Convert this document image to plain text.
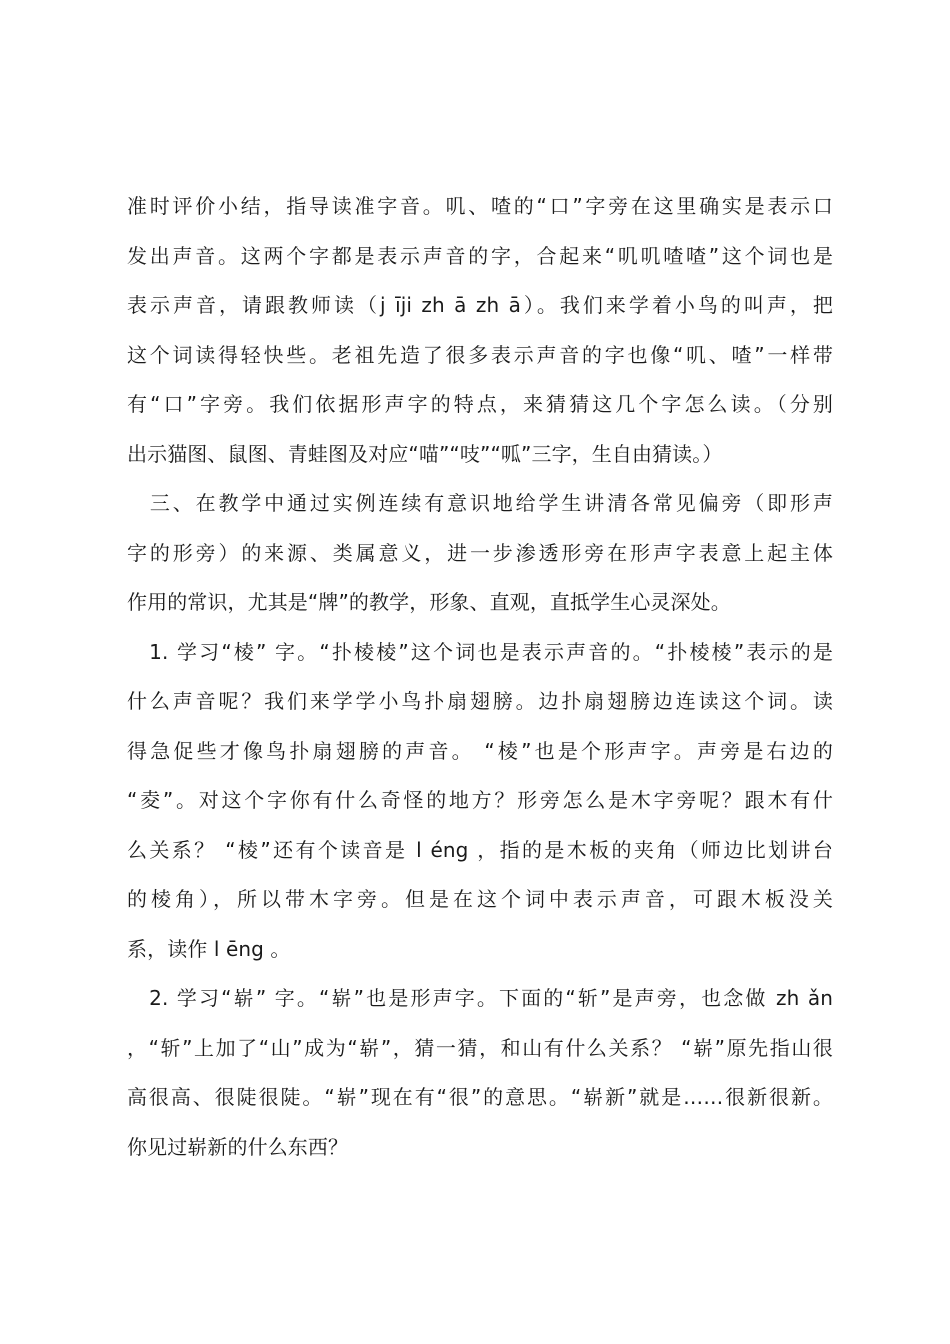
准时评价小结，指导读准字音。叽、喳的“口”字旁在这里确实是表示口
发出声音。这两个字都是表示声音的字，合起来“叽叽喳喳”这个词也是
表示声音，请跟教师读（j īji zh ā zh ā）。我们来学着小鸟的叫声，把
这个词读得轻快些。老祖先造了很多表示声音的字也像“叽、喳”一样带
有“口”字旁。我们依据形声字的特点，来猜猜这几个字怎么读。（分别
出示猫图、鼠图、青蛙图及对应“喵”“吱”“呱”三字，生自由猜读。）
　三、在教学中通过实例连续有意识地给学生讲清各常见偏旁（即形声
字的形旁）的来源、类属意义，进一步渗透形旁在形声字表意上起主体
作用的常识，尤其是“牌”的教学，形象、直观，直抵学生心灵深处。
　1. 学习“棱” 字。“扑棱棱”这个词也是表示声音的。“扑棱棱”表示的是
什么声音呢？我们来学学小鸟扑扇翅膀。边扑扇翅膀边连读这个词。读
得急促些才像鸟扑扇翅膀的声音。 “棱”也是个形声字。声旁是右边的
“夌”。对这个字你有什么奇怪的地方？形旁怎么是木字旁呢？跟木有什
么关系？ “棱”还有个读音是 l éng ，指的是木板的夹角（师边比划讲台
的棱角），所以带木字旁。但是在这个词中表示声音，可跟木板没关
系，读作 l ēng 。
　2. 学习“崭” 字。“崭”也是形声字。下面的“斩”是声旁，也念做 zh ǎn
，“斩”上加了“山”成为“崭”，猜一猜，和山有什么关系？ “崭”原先指山很
高很高、很陡很陡。“崭”现在有“很”的意思。“崭新”就是……很新很新。
你见过崭新的什么东西？
